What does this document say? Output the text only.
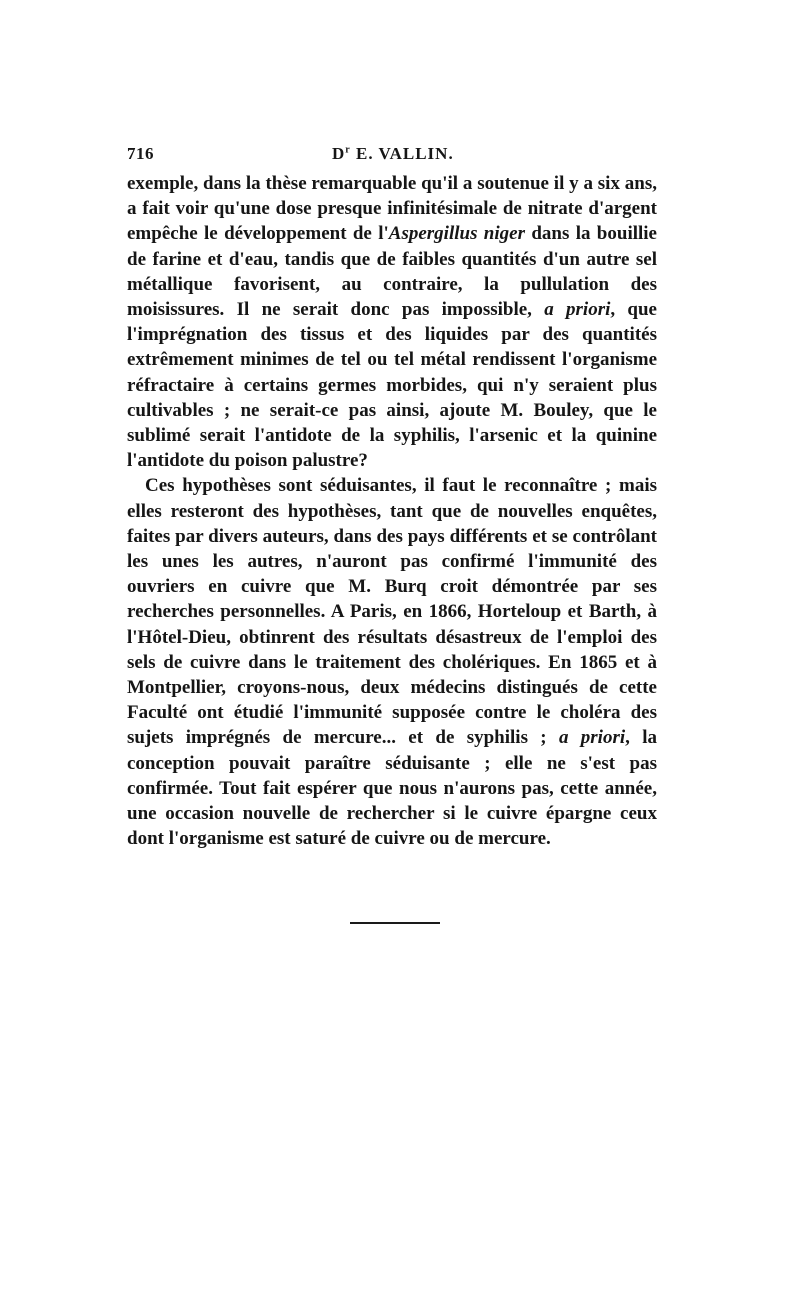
716	$D^r$ E. VALLIN.

exemple, dans la thèse remarquable qu'il a soutenue il y a six ans, a fait voir qu'une dose presque infinitésimale de nitrate d'argent empêche le développement de l'Aspergillus niger dans la bouillie de farine et d'eau, tandis que de faibles quantités d'un autre sel métallique favorisent, au contraire, la pullulation des moisissures. Il ne serait donc pas impossible, a priori, que l'imprégnation des tissus et des liquides par des quantités extrêmement minimes de tel ou tel métal rendissent l'organisme réfractaire à certains germes morbides, qui n'y seraient plus cultivables ; ne serait-ce pas ainsi, ajoute M. Bouley, que le sublimé serait l'antidote de la syphilis, l'arsenic et la quinine l'antidote du poison palustre?

Ces hypothèses sont séduisantes, il faut le reconnaître ; mais elles resteront des hypothèses, tant que de nouvelles enquêtes, faites par divers auteurs, dans des pays différents et se contrôlant les unes les autres, n'auront pas confirmé l'immunité des ouvriers en cuivre que M. Burq croit démontrée par ses recherches personnelles. A Paris, en 1866, Horteloup et Barth, à l'Hôtel-Dieu, obtinrent des résultats désastreux de l'emploi des sels de cuivre dans le traitement des cholériques. En 1865 et à Montpellier, croyons-nous, deux médecins distingués de cette Faculté ont étudié l'immunité supposée contre le choléra des sujets imprégnés de mercure... et de syphilis ; a priori, la conception pouvait paraître séduisante ; elle ne s'est pas confirmée. Tout fait espérer que nous n'aurons pas, cette année, une occasion nouvelle de rechercher si le cuivre épargne ceux dont l'organisme est saturé de cuivre ou de mercure.
